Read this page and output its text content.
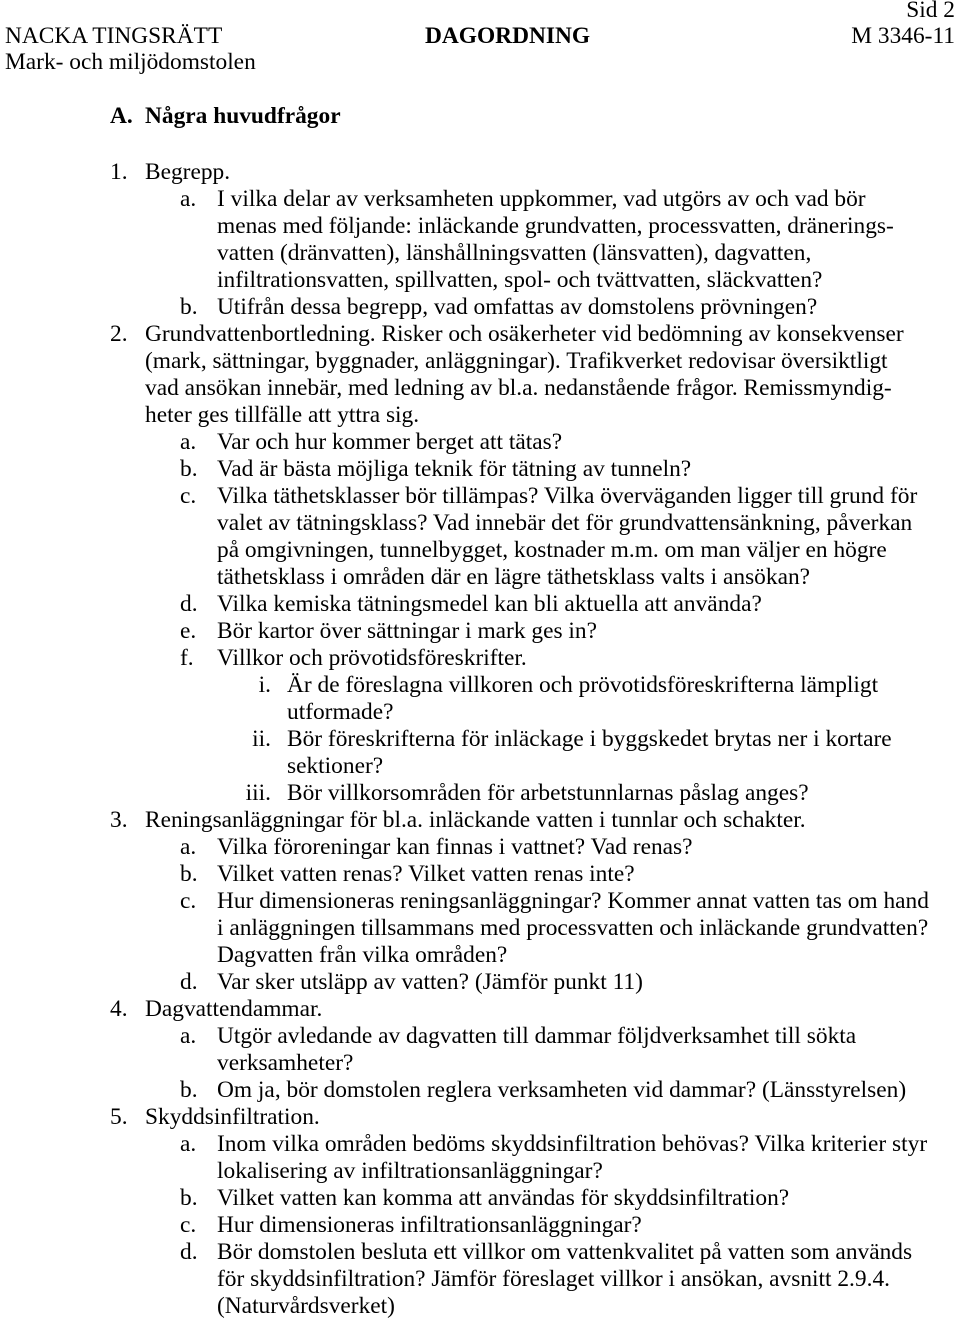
Sid 2
NACKA TINGSRÄTT	DAGORDNING	M 3346-11
Mark- och miljödomstolen
A. Några huvudfrågor
1. Begrepp.
a. I vilka delar av verksamheten uppkommer, vad utgörs av och vad bör
menas med följande: inläckande grundvatten, processvatten, dränerings-
vatten (dränvatten), länshållningsvatten (länsvatten), dagvatten,
infiltrationsvatten, spillvatten, spol- och tvättvatten, släckvatten?
b. Utifrån dessa begrepp, vad omfattas av domstolens prövningen?
2. Grundvattenbortledning. Risker och osäkerheter vid bedömning av konsekvenser
(mark, sättningar, byggnader, anläggningar). Trafikverket redovisar översiktligt
vad ansökan innebär, med ledning av bl.a. nedanstående frågor. Remissmyndig-
heter ges tillfälle att yttra sig.
a. Var och hur kommer berget att tätas?
b. Vad är bästa möjliga teknik för tätning av tunneln?
c. Vilka täthetsklasser bör tillämpas? Vilka överväganden ligger till grund för
valet av tätningsklass? Vad innebär det för grundvattensänkning, påverkan
på omgivningen, tunnelbygget, kostnader m.m. om man väljer en högre
täthetsklass i områden där en lägre täthetsklass valts i ansökan?
d. Vilka kemiska tätningsmedel kan bli aktuella att använda?
e. Bör kartor över sättningar i mark ges in?
f. Villkor och prövotidsföreskrifter.
i. Är de föreslagna villkoren och prövotidsföreskrifterna lämpligt
utformade?
ii. Bör föreskrifterna för inläckage i byggskedet brytas ner i kortare
sektioner?
iii. Bör villkorsområden för arbetstunnlarnas påslag anges?
3. Reningsanläggningar för bl.a. inläckande vatten i tunnlar och schakter.
a. Vilka föroreningar kan finnas i vattnet? Vad renas?
b. Vilket vatten renas? Vilket vatten renas inte?
c. Hur dimensioneras reningsanläggningar? Kommer annat vatten tas om hand
i anläggningen tillsammans med processvatten och inläckande grundvatten?
Dagvatten från vilka områden?
d. Var sker utsläpp av vatten? (Jämför punkt 11)
4. Dagvattendammar.
a. Utgör avledande av dagvatten till dammar följdverksamhet till sökta
verksamheter?
b. Om ja, bör domstolen reglera verksamheten vid dammar? (Länsstyrelsen)
5. Skyddsinfiltration.
a. Inom vilka områden bedöms skyddsinfiltration behövas? Vilka kriterier styr
lokalisering av infiltrationsanläggningar?
b. Vilket vatten kan komma att användas för skyddsinfiltration?
c. Hur dimensioneras infiltrationsanläggningar?
d. Bör domstolen besluta ett villkor om vattenkvalitet på vatten som används
för skyddsinfiltration? Jämför föreslaget villkor i ansökan, avsnitt 2.9.4.
(Naturvårdsverket)
